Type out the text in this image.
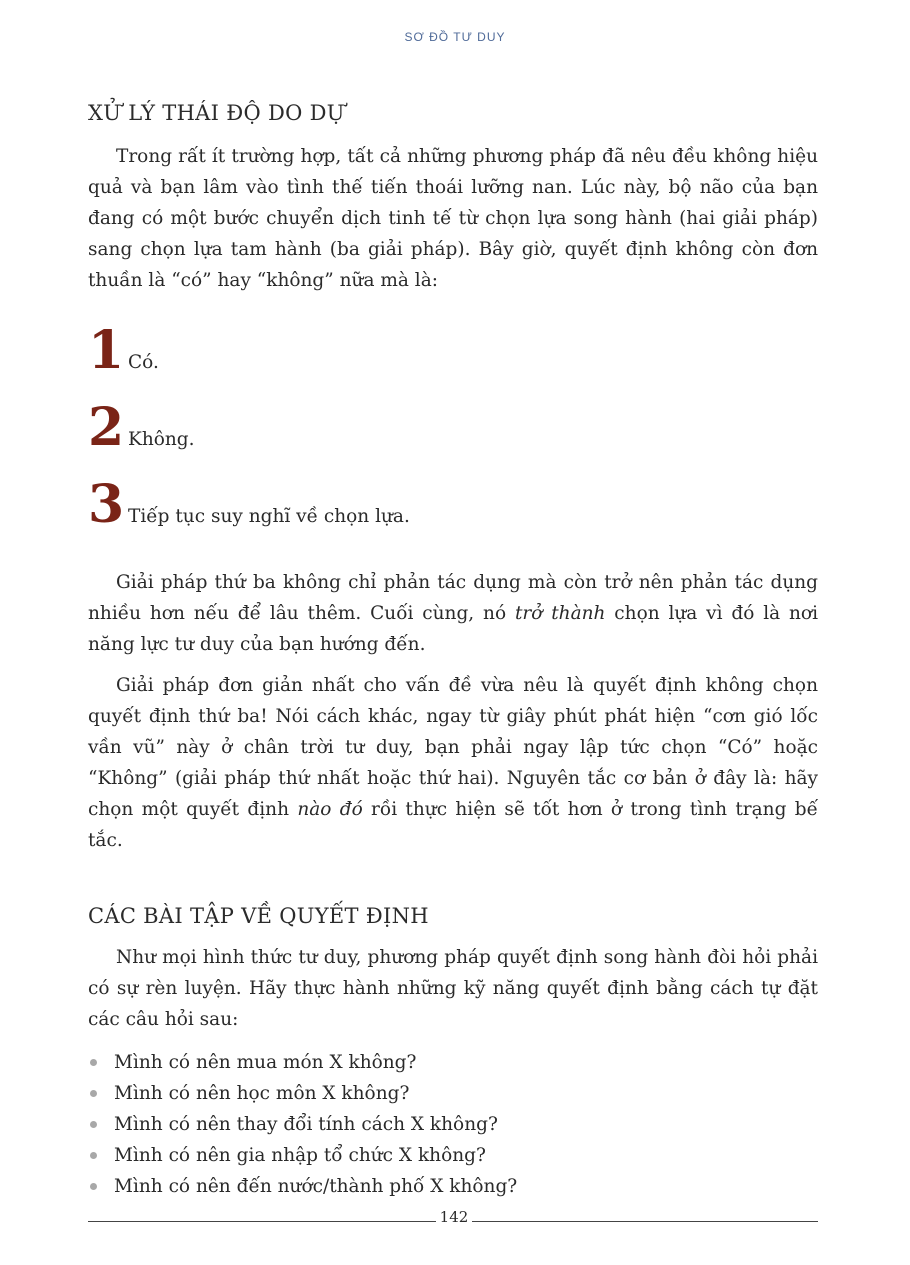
SƠ ĐỒ TƯ DUY
XỬ LÝ THÁI ĐỘ DO DỰ

Trong rất ít trường hợp, tất cả những phương pháp đã nêu đều không hiệu quả và bạn lâm vào tình thế tiến thoái lưỡng nan. Lúc này, bộ não của bạn đang có một bước chuyển dịch tinh tế từ chọn lựa song hành (hai giải pháp) sang chọn lựa tam hành (ba giải pháp). Bây giờ, quyết định không còn đơn thuần là “có” hay “không” nữa mà là:

1 Có.
2 Không.
3 Tiếp tục suy nghĩ về chọn lựa.

Giải pháp thứ ba không chỉ phản tác dụng mà còn trở nên phản tác dụng nhiều hơn nếu để lâu thêm. Cuối cùng, nó trở thành chọn lựa vì đó là nơi năng lực tư duy của bạn hướng đến.

Giải pháp đơn giản nhất cho vấn đề vừa nêu là quyết định không chọn quyết định thứ ba! Nói cách khác, ngay từ giây phút phát hiện “cơn gió lốc vần vũ” này ở chân trời tư duy, bạn phải ngay lập tức chọn “Có” hoặc “Không” (giải pháp thứ nhất hoặc thứ hai). Nguyên tắc cơ bản ở đây là: hãy chọn một quyết định nào đó rồi thực hiện sẽ tốt hơn ở trong tình trạng bế tắc.

CÁC BÀI TẬP VỀ QUYẾT ĐỊNH

Như mọi hình thức tư duy, phương pháp quyết định song hành đòi hỏi phải có sự rèn luyện. Hãy thực hành những kỹ năng quyết định bằng cách tự đặt các câu hỏi sau:

Mình có nên mua món X không?
Mình có nên học môn X không?
Mình có nên thay đổi tính cách X không?
Mình có nên gia nhập tổ chức X không?
Mình có nên đến nước/thành phố X không?
142
